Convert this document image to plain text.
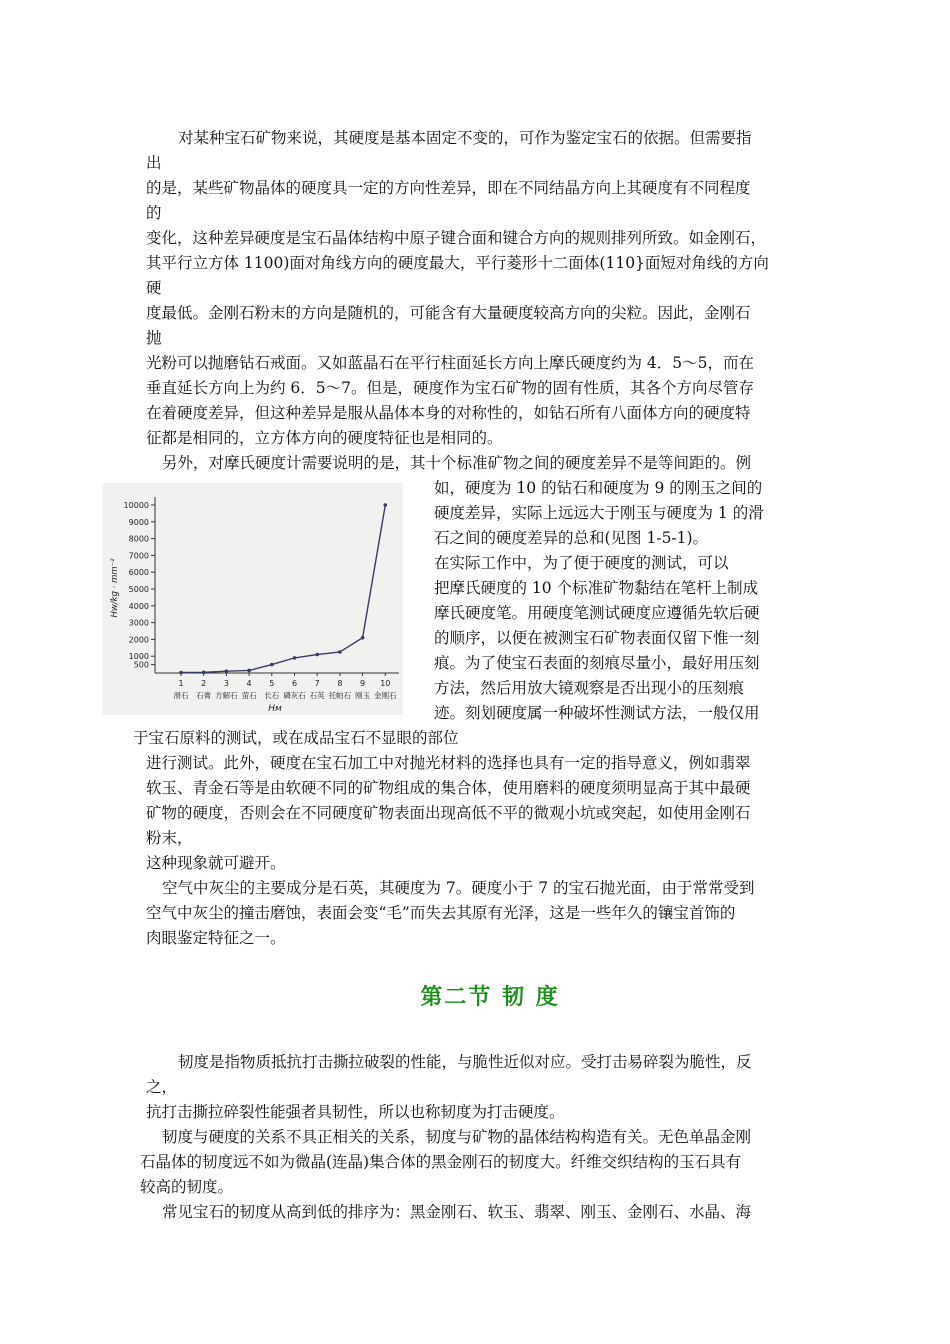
对某种宝石矿物来说，其硬度是基本固定不变的，可作为鉴定宝石的依据。但需要指
出
的是，某些矿物晶体的硬度具一定的方向性差异，即在不同结晶方向上其硬度有不同程度
的
变化，这种差异硬度是宝石晶体结构中原子键合面和键合方向的规则排列所致。如金刚石，
其平行立方体 1100)面对角线方向的硬度最大，平行菱形十二面体(110}面短对角线的方向
硬
度最低。金刚石粉末的方向是随机的，可能含有大量硬度较高方向的尖粒。因此，金刚石
抛
光粉可以抛磨钻石戒面。又如蓝晶石在平行柱面延长方向上摩氏硬度约为 4．5～5，而在
垂直延长方向上为约 6．5～7。但是，硬度作为宝石矿物的固有性质，其各个方向尽管存
在着硬度差异，但这种差异是服从晶体本身的对称性的，如钻石所有八面体方向的硬度特
征都是相同的，立方体方向的硬度特征也是相同的。
另外，对摩氏硬度计需要说明的是，其十个标准矿物之间的硬度差异不是等间距的。例
如，硬度为 10 的钻石和硬度为 9 的刚玉之间的
硬度差异，实际上远远大于刚玉与硬度为 1 的滑
石之间的硬度差异的总和(见图 1-5-1)。
在实际工作中，为了便于硬度的测试，可以
把摩氏硬度的 10 个标准矿物黏结在笔杆上制成
摩氏硬度笔。用硬度笔测试硬度应遵循先软后硬
的顺序，以便在被测宝石矿物表面仅留下惟一刻
痕。为了使宝石表面的刻痕尽量小，最好用压刻
方法，然后用放大镜观察是否出现小的压刻痕
迹。刻划硬度属一种破坏性测试方法，一般仅用
于宝石原料的测试，或在成品宝石不显眼的部位
进行测试。此外，硬度在宝石加工中对抛光材料的选择也具有一定的指导意义，例如翡翠
软玉、青金石等是由软硬不同的矿物组成的集合体，使用磨料的硬度须明显高于其中最硬
矿物的硬度，否则会在不同硬度矿物表面出现高低不平的微观小坑或突起，如使用金刚石
粉末，
这种现象就可避开。
空气中灰尘的主要成分是石英，其硬度为 7。硬度小于 7 的宝石抛光面，由于常常受到
空气中灰尘的撞击磨蚀，表面会变“毛”而失去其原有光泽，这是一些年久的镶宝首饰的
肉眼鉴定特征之一。
第二节 韧 度
韧度是指物质抵抗打击撕拉破裂的性能，与脆性近似对应。受打击易碎裂为脆性，反
之，
抗打击撕拉碎裂性能强者具韧性，所以也称韧度为打击硬度。
韧度与硬度的关系不具正相关的关系，韧度与矿物的晶体结构构造有关。无色单晶金刚
石晶体的韧度远不如为微晶(连晶)集合体的黑金刚石的韧度大。纤维交织结构的玉石具有
较高的韧度。
常见宝石的韧度从高到低的排序为：黑金刚石、软玉、翡翠、刚玉、金刚石、水晶、海
10000
9000
8000
7000
6000
5000
4000
3000
2000
1000
500
1
滑石
2
石膏
3
方解石
4
萤石
5
长石
6
磷灰石
7
石英
8
托帕石
9
刚玉
10
金刚石
Hᴡ/kg · mm⁻²
Hᴍ
